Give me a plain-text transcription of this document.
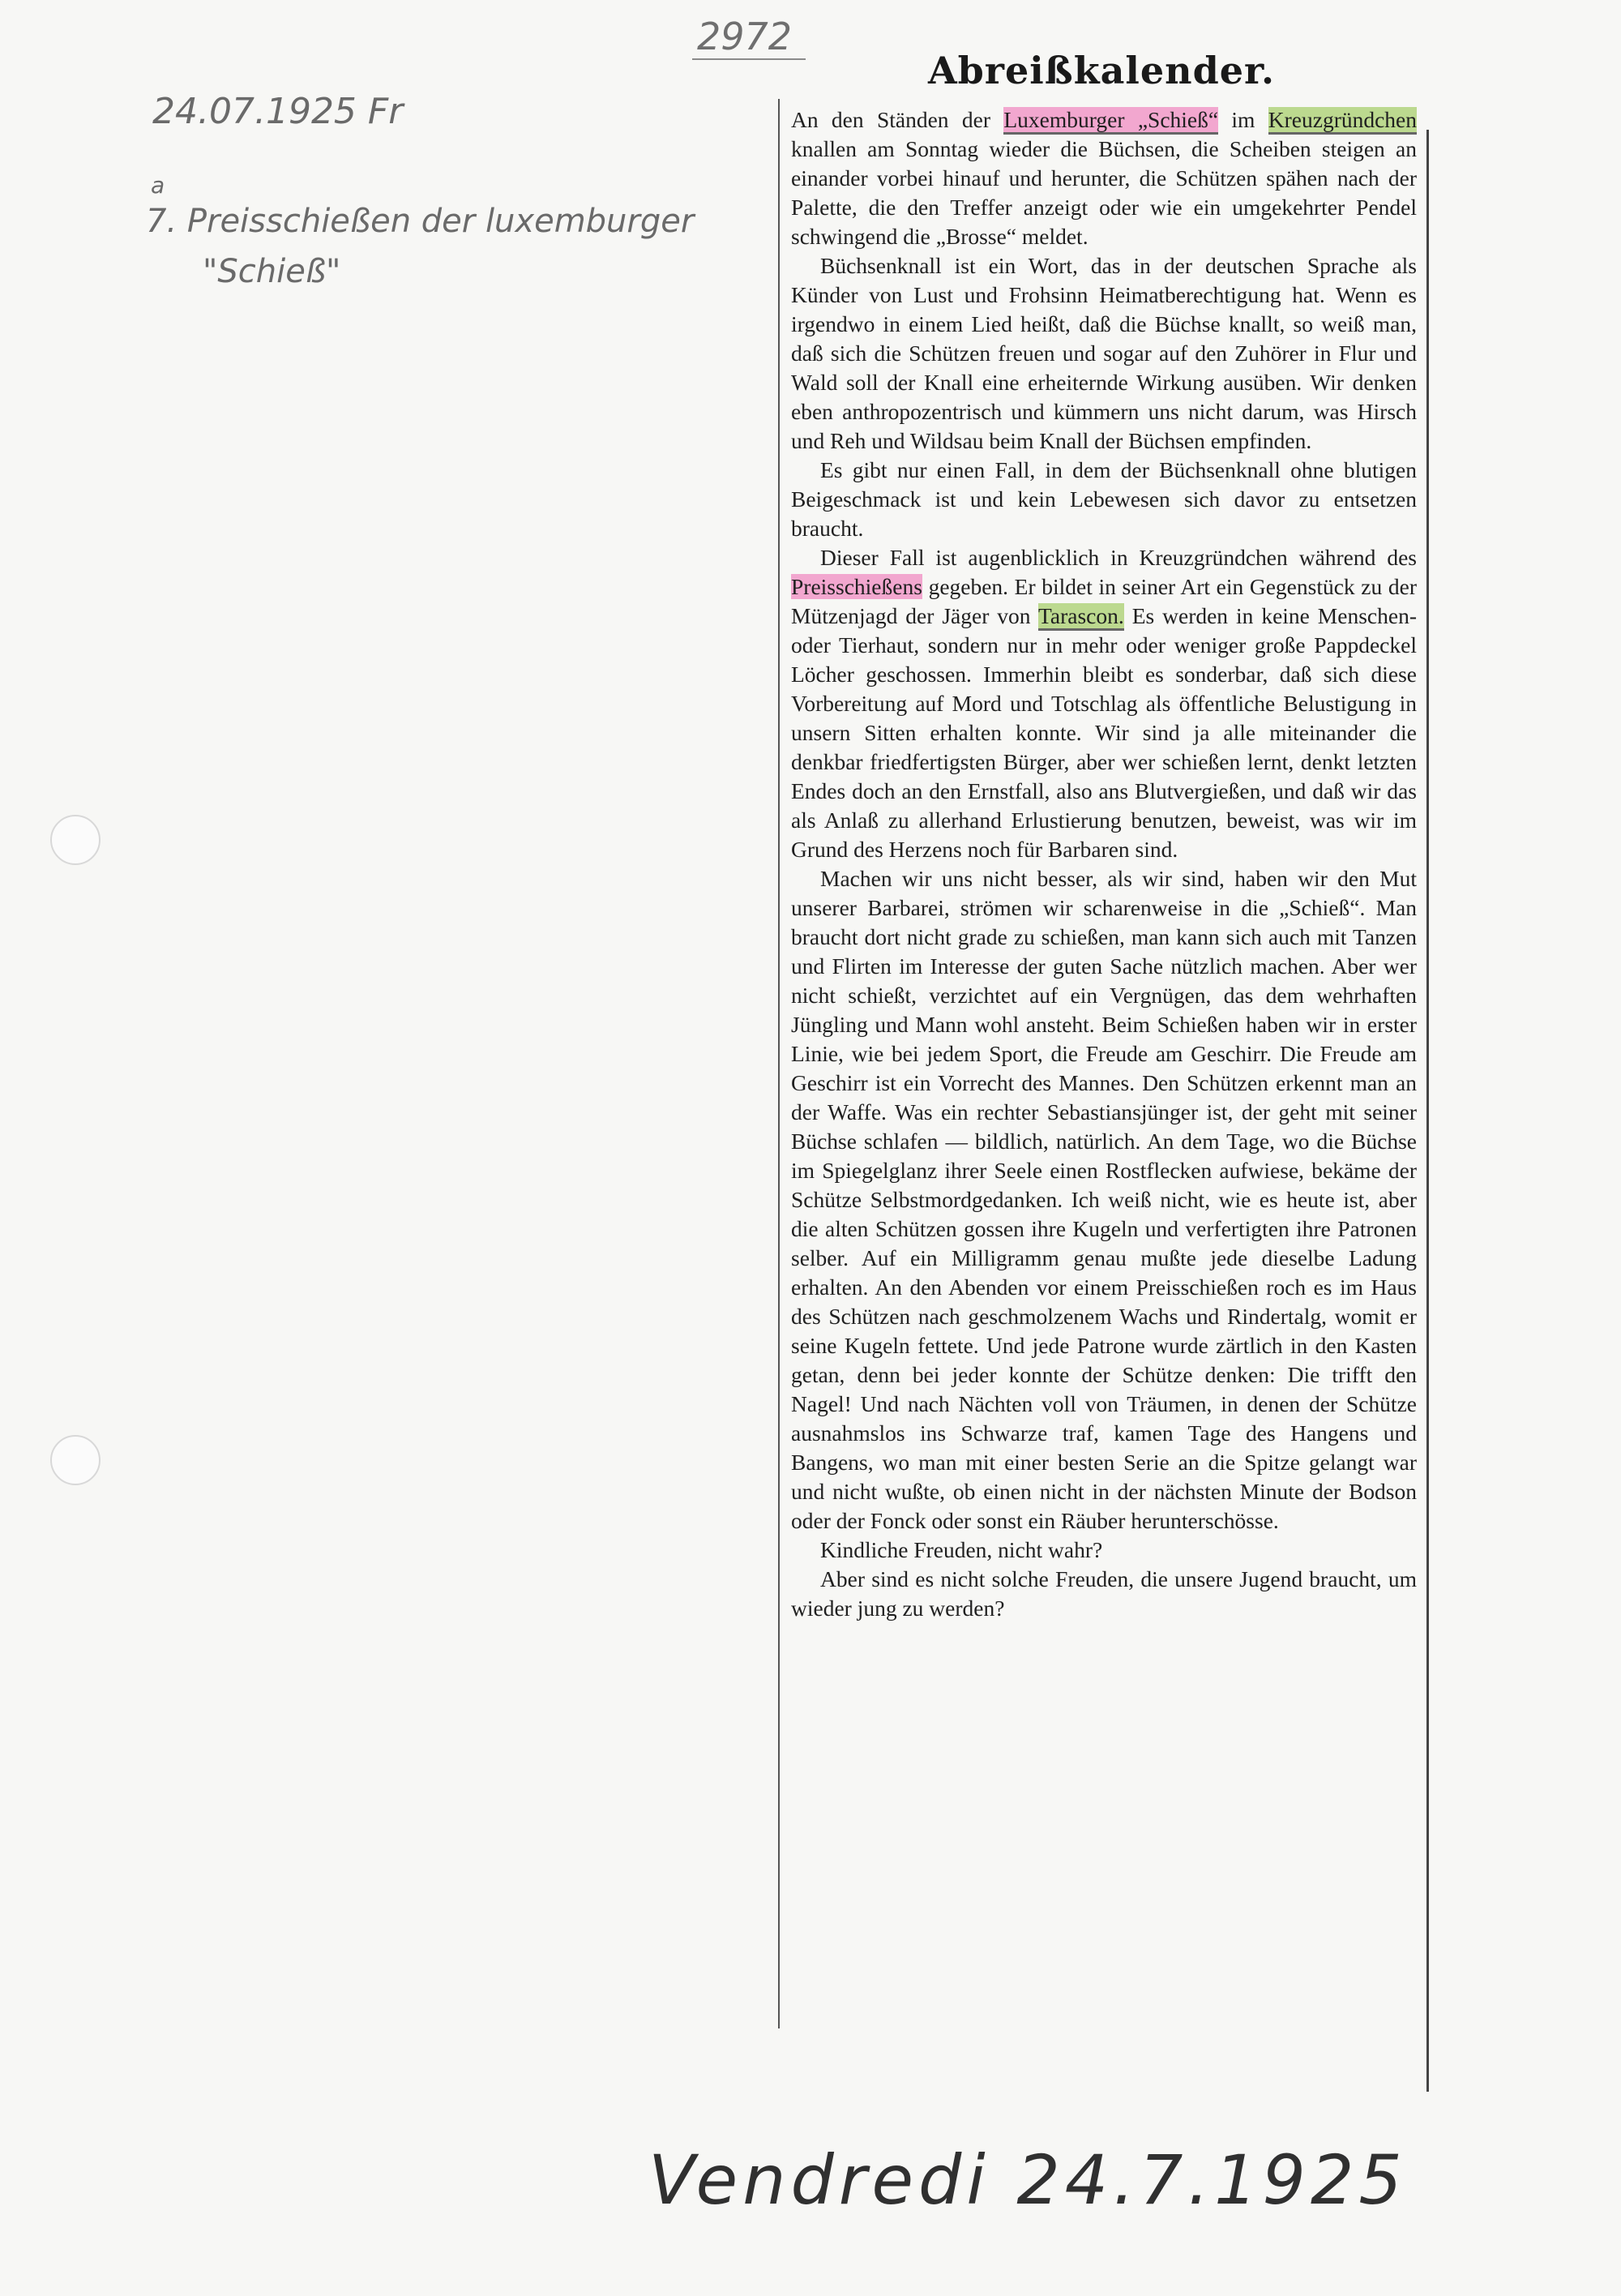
2972
24.07.1925 Fr
a
7. Preisschießen der luxemburger
"Schieß"
Abreißkalender.

An den Ständen der Luxemburger „Schieß“ im Kreuzgründchen knallen am Sonntag wieder die Büchsen, die Scheiben steigen an einander vorbei hinauf und herunter, die Schützen spähen nach der Palette, die den Treffer anzeigt oder wie ein umgekehrter Pendel schwingend die „Brosse“ meldet.

Büchsenknall ist ein Wort, das in der deutschen Sprache als Künder von Lust und Frohsinn Heimatberechtigung hat. Wenn es irgendwo in einem Lied heißt, daß die Büchse knallt, so weiß man, daß sich die Schützen freuen und sogar auf den Zuhörer in Flur und Wald soll der Knall eine erheiternde Wirkung ausüben. Wir denken eben anthropozentrisch und kümmern uns nicht darum, was Hirsch und Reh und Wildsau beim Knall der Büchsen empfinden.

Es gibt nur einen Fall, in dem der Büchsenknall ohne blutigen Beigeschmack ist und kein Lebewesen sich davor zu entsetzen braucht.

Dieser Fall ist augenblicklich in Kreuzgründchen während des Preisschießens gegeben. Er bildet in seiner Art ein Gegenstück zu der Mützenjagd der Jäger von Tarascon. Es werden in keine Menschen- oder Tierhaut, sondern nur in mehr oder weniger große Pappdeckel Löcher geschossen. Immerhin bleibt es sonderbar, daß sich diese Vorbereitung auf Mord und Totschlag als öffentliche Belustigung in unsern Sitten erhalten konnte. Wir sind ja alle miteinander die denkbar friedfertigsten Bürger, aber wer schießen lernt, denkt letzten Endes doch an den Ernstfall, also ans Blutvergießen, und daß wir das als Anlaß zu allerhand Erlustierung benutzen, beweist, was wir im Grund des Herzens noch für Barbaren sind.

Machen wir uns nicht besser, als wir sind, haben wir den Mut unserer Barbarei, strömen wir scharenweise in die „Schieß“. Man braucht dort nicht grade zu schießen, man kann sich auch mit Tanzen und Flirten im Interesse der guten Sache nützlich machen. Aber wer nicht schießt, verzichtet auf ein Vergnügen, das dem wehrhaften Jüngling und Mann wohl ansteht. Beim Schießen haben wir in erster Linie, wie bei jedem Sport, die Freude am Geschirr. Die Freude am Geschirr ist ein Vorrecht des Mannes. Den Schützen erkennt man an der Waffe. Was ein rechter Sebastiansjünger ist, der geht mit seiner Büchse schlafen — bildlich, natürlich. An dem Tage, wo die Büchse im Spiegelglanz ihrer Seele einen Rostflecken aufwiese, bekäme der Schütze Selbstmordgedanken. Ich weiß nicht, wie es heute ist, aber die alten Schützen gossen ihre Kugeln und verfertigten ihre Patronen selber. Auf ein Milligramm genau mußte jede dieselbe Ladung erhalten. An den Abenden vor einem Preisschießen roch es im Haus des Schützen nach geschmolzenem Wachs und Rindertalg, womit er seine Kugeln fettete. Und jede Patrone wurde zärtlich in den Kasten getan, denn bei jeder konnte der Schütze denken: Die trifft den Nagel! Und nach Nächten voll von Träumen, in denen der Schütze ausnahmslos ins Schwarze traf, kamen Tage des Hangens und Bangens, wo man mit einer besten Serie an die Spitze gelangt war und nicht wußte, ob einen nicht in der nächsten Minute der Bodson oder der Fonck oder sonst ein Räuber herunterschösse.

Kindliche Freuden, nicht wahr?

Aber sind es nicht solche Freuden, die unsere Jugend braucht, um wieder jung zu werden?

Vendredi 24.7.1925
